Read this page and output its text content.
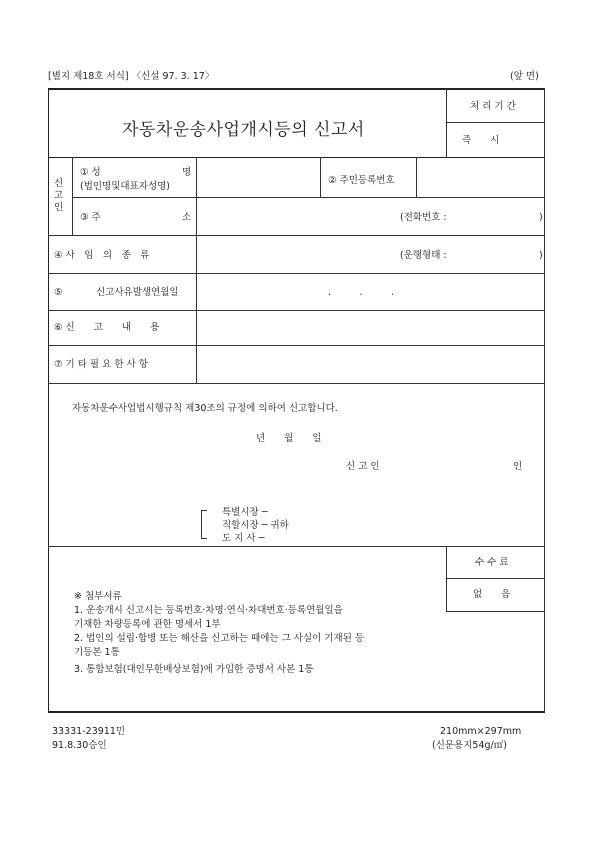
[별지 제18호 서식] 〈신설 97. 3. 17〉	(앞 면)
자동차운송사업개시등의 신고서
처 리 기 간
즉　　시
신고인
① 성	명
(법인명및대표자성명)
② 주민등록번호
③ 주	소	(전화번호 :	)
④ 사　임　의　종　류	(운행형태 :	)
⑤	신고사유발생연월일	.　　　.　　　.
⑥ 신　　고　　내　　용
⑦ 기 타 필 요 한 사 항
자동차운수사업법시행규칙 제30조의 규정에 의하여 신고합니다.
년　　월　　일
신 고 인	인
특별시장 ─
직할시장 ─ 귀하
도 지 사 ─
수 수 료
없　　음
※ 첨부서류
1. 운송개시 신고시는 등록번호·차명·연식·차대번호·등록연월일을
기재한 차량등록에 관한 명세서 1부
2. 법인의 설립·합병 또는 해산을 신고하는 때에는 그 사실이 기재된 등
기등본 1통
3. 통합보험(대인무한배상보험)에 가입한 증명서 사본 1통
33331-23911민
91.8.30승인
210mm×297mm
(신문용지54g/㎡)
